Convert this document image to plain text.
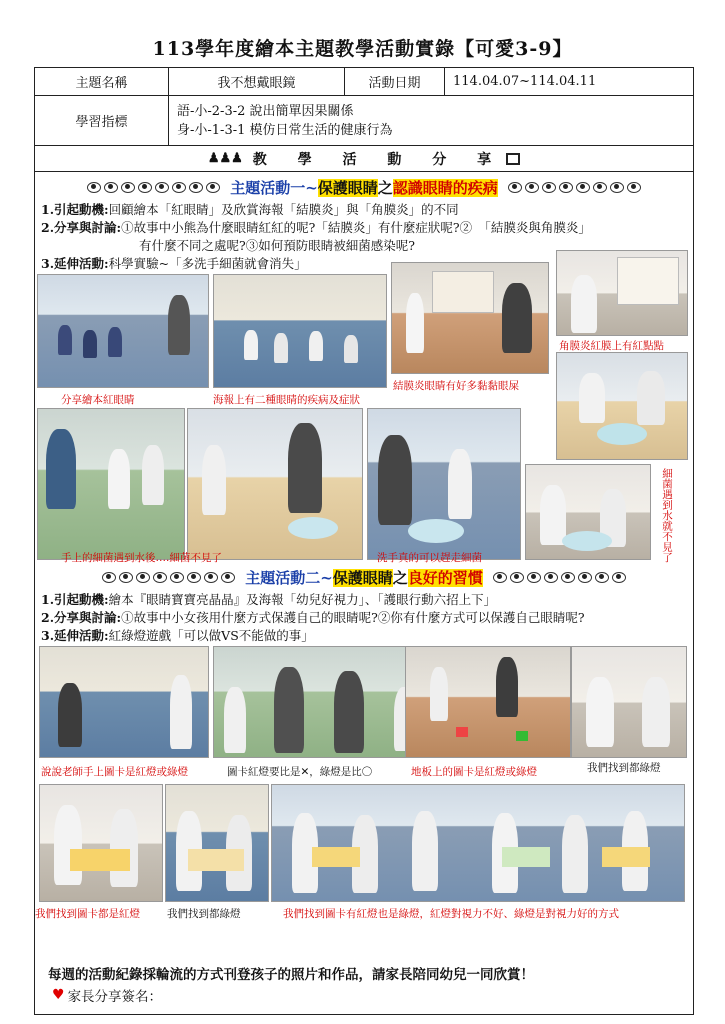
113學年度繪本主題教學活動實錄【可愛3-9】
主題名稱	我不想戴眼鏡	活動日期	114.04.07~114.04.11
學習指標
語-小-2-3-2 說出簡單因果關係
身-小-1-3-1 模仿日常生活的健康行為
♟♟♟ 教 學 活 動 分 享
主題活動一~保護眼睛之認識眼睛的疾病
1.引起動機:回顧繪本「紅眼睛」及欣賞海報「結膜炎」與「角膜炎」的不同
2.分享與討論:①故事中小熊為什麼眼睛紅紅的呢?「結膜炎」有什麼症狀呢?②　「結膜炎與角膜炎」
有什麼不同之處呢?③如何預防眼睛被細菌感染呢?
3.延伸活動:科學實驗~「多洗手細菌就會消失」
分享繪本紅眼睛	海報上有二種眼睛的疾病及症狀
結膜炎眼睛有好多黏黏眼屎
角膜炎紅膜上有紅點點
細菌遇到水就不見了
手上的細菌遇到水後….細菌不見了	洗手真的可以趕走細菌
主題活動二~保護眼睛之良好的習慣
1.引起動機:繪本『眼睛寶寶亮晶晶』及海報「幼兒好視力」、「護眼行動六招上下」
2.分享與討論:①故事中小女孩用什麼方式保護自己的眼睛呢?②你有什麼方式可以保護自己眼睛呢?
3.延伸活動:紅綠燈遊戲「可以做VS不能做的事」
說說老師手上圖卡是紅燈或綠燈	圖卡紅燈要比是✕，綠燈是比〇	地板上的圖卡是紅燈或綠燈	我們找到都綠燈
我們找到圖卡都是紅燈	我們找到都綠燈	我們找到圖卡有紅燈也是綠燈，紅燈對視力不好、綠燈是對視力好的方式
每週的活動紀錄採輪流的方式刊登孩子的照片和作品，請家長陪同幼兒一同欣賞！
♥ 家長分享簽名：
